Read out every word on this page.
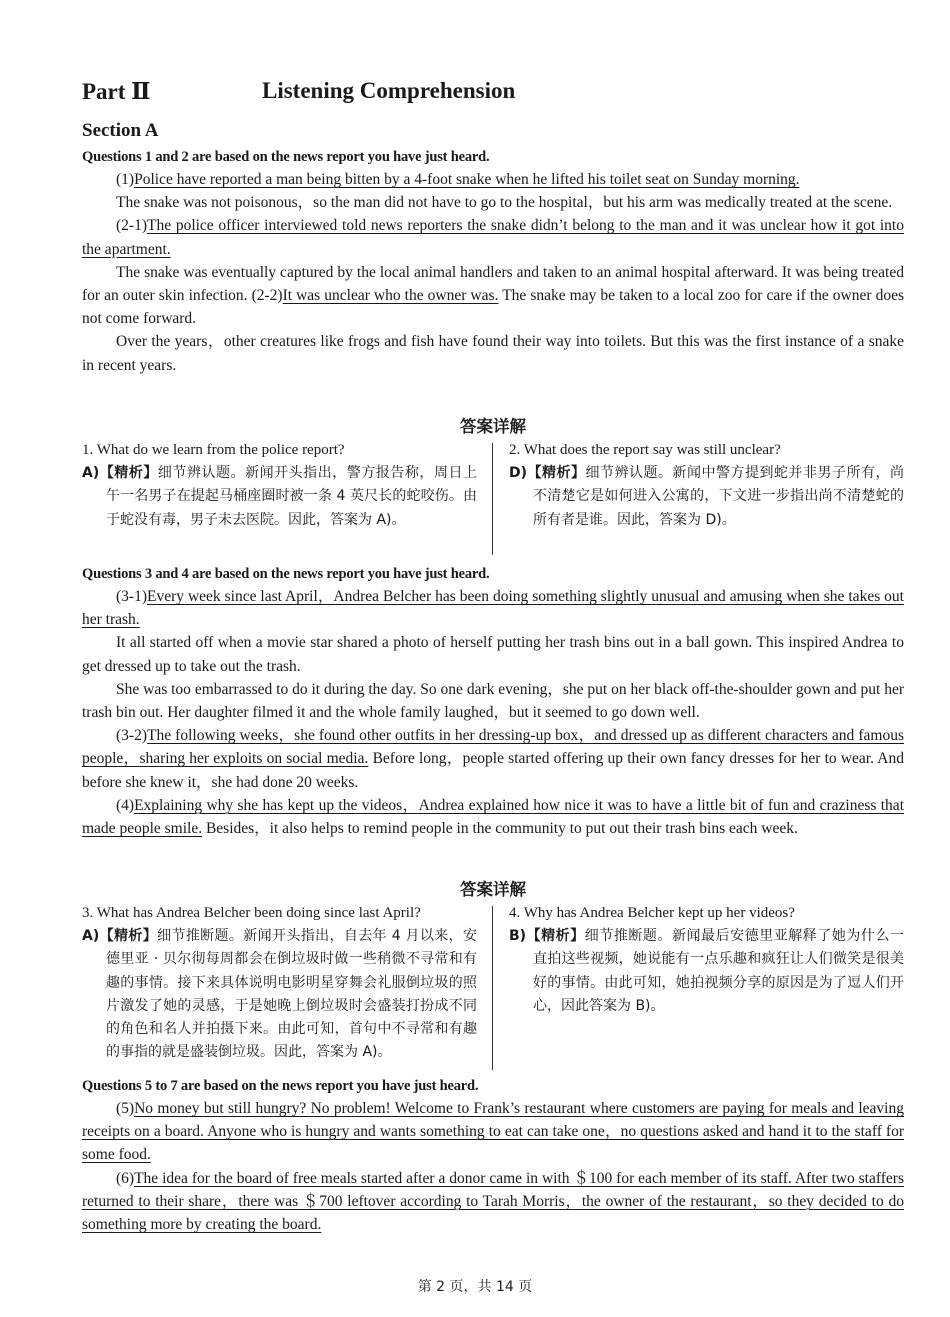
Part Ⅱ	Listening Comprehension
Section A

Questions 1 and 2 are based on the news report you have just heard.

(1)Police have reported a man being bitten by a 4-foot snake when he lifted his toilet seat on Sunday morning.

The snake was not poisonous，so the man did not have to go to the hospital，but his arm was medically treated at the scene.

(2-1)The police officer interviewed told news reporters the snake didn’t belong to the man and it was unclear how it got into the apartment.

The snake was eventually captured by the local animal handlers and taken to an animal hospital afterward. It was being treated for an outer skin infection. (2-2)It was unclear who the owner was. The snake may be taken to a local zoo for care if the owner does not come forward.

Over the years，other creatures like frogs and fish have found their way into toilets. But this was the first instance of a snake in recent years.

答案详解

1. What do we learn from the police report?

A)【精析】细节辨认题。新闻开头指出，警方报告称，周日上午一名男子在提起马桶座圈时被一条 4 英尺长的蛇咬伤。由于蛇没有毒，男子未去医院。因此，答案为 A)。

2. What does the report say was still unclear?

D)【精析】细节辨认题。新闻中警方提到蛇并非男子所有，尚不清楚它是如何进入公寓的，下文进一步指出尚不清楚蛇的所有者是谁。因此，答案为 D)。

Questions 3 and 4 are based on the news report you have just heard.

(3-1)Every week since last April，Andrea Belcher has been doing something slightly unusual and amusing when she takes out her trash.

It all started off when a movie star shared a photo of herself putting her trash bins out in a ball gown. This inspired Andrea to get dressed up to take out the trash.

She was too embarrassed to do it during the day. So one dark evening，she put on her black off-the-shoulder gown and put her trash bin out. Her daughter filmed it and the whole family laughed，but it seemed to go down well.

(3-2)The following weeks，she found other outfits in her dressing-up box，and dressed up as different characters and famous people，sharing her exploits on social media. Before long，people started offering up their own fancy dresses for her to wear. And before she knew it，she had done 20 weeks.

(4)Explaining why she has kept up the videos，Andrea explained how nice it was to have a little bit of fun and craziness that made people smile. Besides，it also helps to remind people in the community to put out their trash bins each week.

答案详解

3. What has Andrea Belcher been doing since last April?

A)【精析】细节推断题。新闻开头指出，自去年 4 月以来，安德里亚 · 贝尔彻每周都会在倒垃圾时做一些稍微不寻常和有趣的事情。接下来具体说明电影明星穿舞会礼服倒垃圾的照片激发了她的灵感，于是她晚上倒垃圾时会盛装打扮成不同的角色和名人并拍摄下来。由此可知，首句中不寻常和有趣的事指的就是盛装倒垃圾。因此，答案为 A)。

4. Why has Andrea Belcher kept up her videos?

B)【精析】细节推断题。新闻最后安德里亚解释了她为什么一直拍这些视频，她说能有一点乐趣和疯狂让人们微笑是很美好的事情。由此可知，她拍视频分享的原因是为了逗人们开心，因此答案为 B)。

Questions 5 to 7 are based on the news report you have just heard.

(5)No money but still hungry? No problem! Welcome to Frank’s restaurant where customers are paying for meals and leaving receipts on a board. Anyone who is hungry and wants something to eat can take one，no questions asked and hand it to the staff for some food.

(6)The idea for the board of free meals started after a donor came in with ＄100 for each member of its staff. After two staffers returned to their share，there was ＄700 leftover according to Tarah Morris，the owner of the restaurant，so they decided to do something more by creating the board.

第 2 页，共 14 页
